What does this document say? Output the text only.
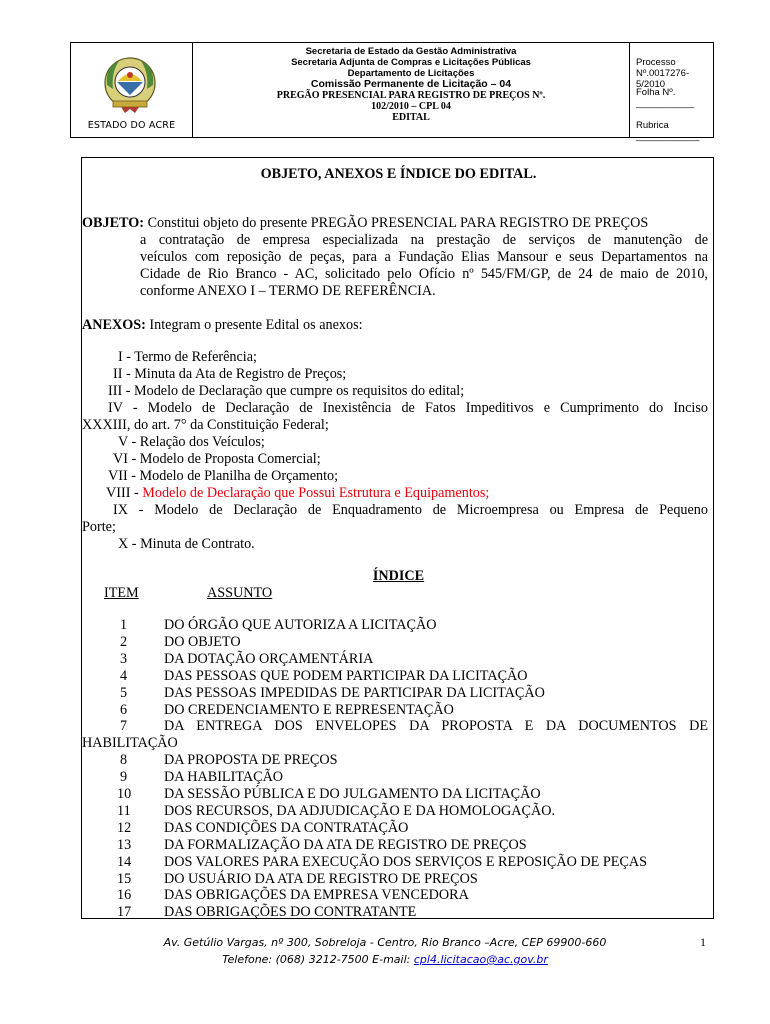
ESTADO DO ACRE
Secretaria de Estado da Gestão Administrativa
Secretaria Adjunta de Compras e Licitações Públicas
Departamento de Licitações
Comissão Permanente de Licitação – 04
PREGÃO PRESENCIAL PARA REGISTRO DE PREÇOS Nº.
102/2010 – CPL 04
EDITAL
Processo Nº.0017276-5/2010
Folha Nº. ___________
Rubrica ____________
OBJETO, ANEXOS E ÍNDICE DO EDITAL.
OBJETO: Constitui objeto do presente PREGÃO PRESENCIAL PARA REGISTRO DE PREÇOS
a contratação de empresa especializada na prestação de serviços de manutenção de
veículos com reposição de peças, para a Fundação Elias Mansour e seus Departamentos na
Cidade de Rio Branco - AC, solicitado pelo Ofício nº 545/FM/GP, de 24 de maio de 2010,
conforme ANEXO I – TERMO DE REFERÊNCIA.
ANEXOS: Integram o presente Edital os anexos:
I - Termo de Referência;
II - Minuta da Ata de Registro de Preços;
III - Modelo de Declaração que cumpre os requisitos do edital;
IV - Modelo de Declaração de Inexistência de Fatos Impeditivos e Cumprimento do Inciso
XXXIII, do art. 7° da Constituição Federal;
V - Relação dos Veículos;
VI - Modelo de Proposta Comercial;
VII - Modelo de Planilha de Orçamento;
VIII - Modelo de Declaração que Possui Estrutura e Equipamentos;
IX - Modelo de Declaração de Enquadramento de Microempresa ou Empresa de Pequeno
Porte;
X - Minuta de Contrato.
ÍNDICE
ITEM	ASSUNTO
1	DO ÓRGÃO QUE AUTORIZA A LICITAÇÃO
2	DO OBJETO
3	DA DOTAÇÃO ORÇAMENTÁRIA
4	DAS PESSOAS QUE PODEM PARTICIPAR DA LICITAÇÃO
5	DAS PESSOAS IMPEDIDAS DE PARTICIPAR DA LICITAÇÃO
6	DO CREDENCIAMENTO E REPRESENTAÇÃO
7	DA ENTREGA DOS ENVELOPES DA PROPOSTA E DA DOCUMENTOS DE
HABILITAÇÃO
8	DA PROPOSTA DE PREÇOS
9	DA HABILITAÇÃO
10 DA SESSÃO PÚBLICA E DO JULGAMENTO DA LICITAÇÃO
11 DOS RECURSOS, DA ADJUDICAÇÃO E DA HOMOLOGAÇÃO.
12 DAS CONDIÇÕES DA CONTRATAÇÃO
13 DA FORMALIZAÇÃO DA ATA DE REGISTRO DE PREÇOS
14 DOS VALORES PARA EXECUÇÃO DOS SERVIÇOS E REPOSIÇÃO DE PEÇAS
15 DO USUÁRIO DA ATA DE REGISTRO DE PREÇOS
16 DAS OBRIGAÇÕES DA EMPRESA VENCEDORA
17 DAS OBRIGAÇÕES DO CONTRATANTE
Av. Getúlio Vargas, nº 300, Sobreloja - Centro, Rio Branco –Acre, CEP 69900-660
Telefone: (068) 3212-7500 E-mail: cpl4.licitacao@ac.gov.br
1
